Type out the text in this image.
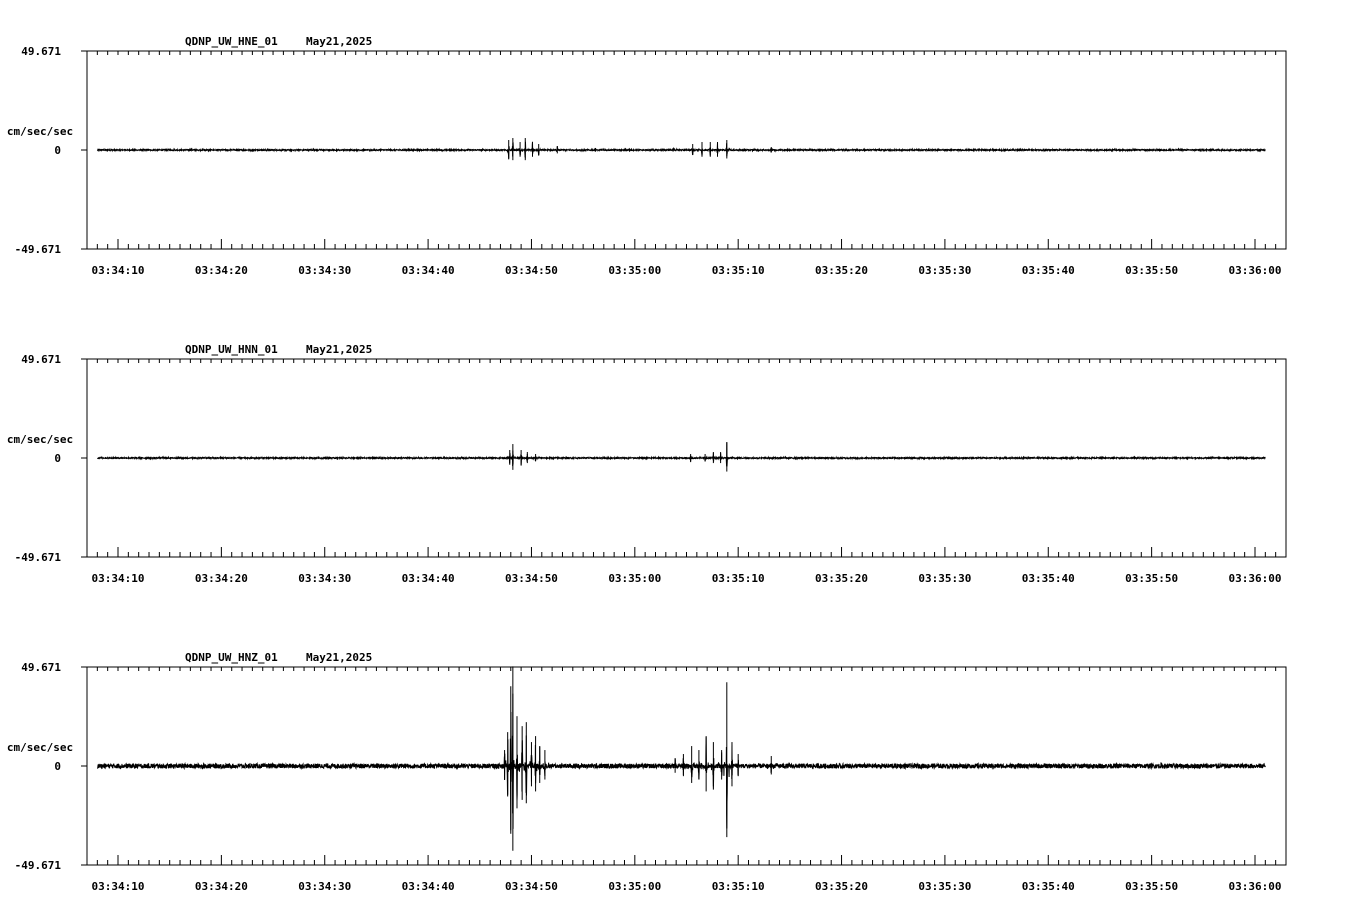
QDNP_UW_HNE_01	May21,2025
49.671
0
-49.671
cm/sec/sec
03:34:10	03:34:20	03:34:30	03:34:40	03:34:50	03:35:00	03:35:10	03:35:20	03:35:30	03:35:40	03:35:50	03:36:00
QDNP_UW_HNN_01	May21,2025
49.671
0
-49.671
cm/sec/sec
03:34:10	03:34:20	03:34:30	03:34:40	03:34:50	03:35:00	03:35:10	03:35:20	03:35:30	03:35:40	03:35:50	03:36:00
QDNP_UW_HNZ_01	May21,2025
49.671
0
-49.671
cm/sec/sec
03:34:10	03:34:20	03:34:30	03:34:40	03:34:50	03:35:00	03:35:10	03:35:20	03:35:30	03:35:40	03:35:50	03:36:00
